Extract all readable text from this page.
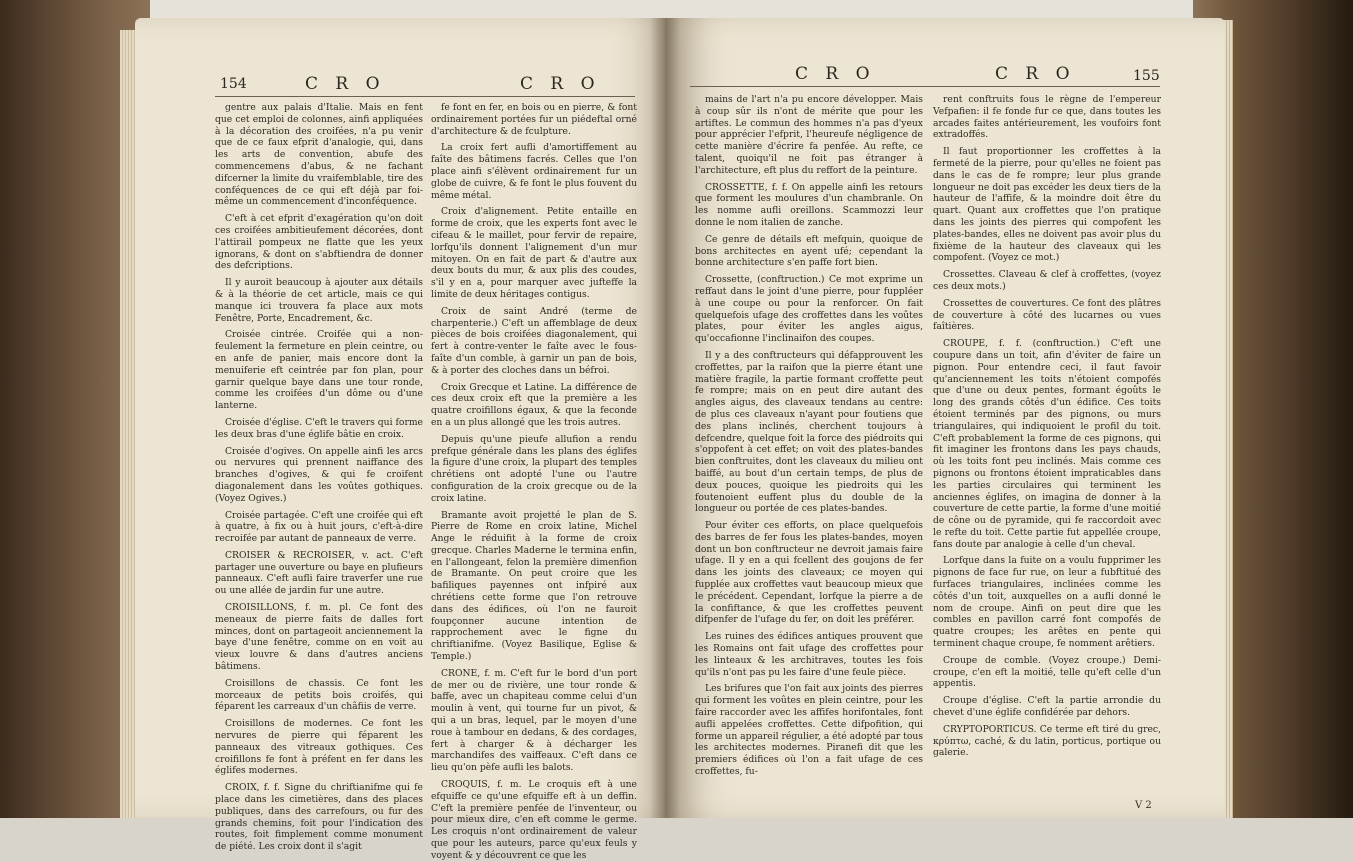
154	C R O	C R O

gentre aux palais d'Italie. Mais en fent que cet emploi de colonnes, ainfi appliquées à la décoration des croifées, n'a pu venir que de ce faux efprit d'analogie, qui, dans les arts de convention, abufe des commencemens d'abus, & ne fachant difcerner la limite du vraifemblable, tire des conféquences de ce qui eft déjà par foi-même un commencement d'inconféquence.

C'eft à cet efprit d'exagération qu'on doit ces croifées ambitieufement décorées, dont l'attirail pompeux ne flatte que les yeux ignorans, & dont on s'abftiendra de donner des defcriptions.

Il y auroit beaucoup à ajouter aux détails & à la théorie de cet article, mais ce qui manque ici trouvera fa place aux mots Fenêtre, Porte, Encadrement, &c.

Croisée cintrée. Croifée qui a non-feulement la fermeture en plein ceintre, ou en anfe de panier, mais encore dont la menuiferie eft ceintrée par fon plan, pour garnir quelque baye dans une tour ronde, comme les croifées d'un dôme ou d'une lanterne.

Croisée d'église. C'eft le travers qui forme les deux bras d'une églife bâtie en croix.

Croisée d'ogives. On appelle ainfi les arcs ou nervures qui prennent naiffance des branches d'ogives, & qui fe croifent diagonalement dans les voûtes gothiques. (Voyez Ogives.)

Croisée partagée. C'eft une croifée qui eft à quatre, à fix ou à huit jours, c'eft-à-dire recroifée par autant de panneaux de verre.

CROISER & RECROISER, v. act. C'eft partager une ouverture ou baye en plufieurs panneaux. C'eft aufli faire traverfer une rue ou une allée de jardin fur une autre.

CROISILLONS, f. m. pl. Ce font des meneaux de pierre faits de dalles fort minces, dont on partageoit anciennement la baye d'une fenêtre, comme on en voit au vieux louvre & dans d'autres anciens bâtimens.

Croisillons de chassis. Ce font les morceaux de petits bois croifés, qui féparent les carreaux d'un châfiis de verre.

Croisillons de modernes. Ce font les nervures de pierre qui féparent les panneaux des vitreaux gothiques. Ces croifillons fe font à préfent en fer dans les églifes modernes.

CROIX, f. f. Signe du chriftianifme qui fe place dans les cimetières, dans des places publiques, dans des carrefours, ou fur des grands chemins, foit pour l'indication des routes, foit fimplement comme monument de piété. Les croix dont il s'agit

fe font en fer, en bois ou en pierre, & font ordinairement portées fur un piédeftal orné d'architecture & de fculpture.

La croix fert aufli d'amortiffement au faîte des bâtimens facrés. Celles que l'on place ainfi s'élèvent ordinairement fur un globe de cuivre, & fe font le plus fouvent du même métal.

Croix d'alignement. Petite entaille en forme de croix, que les experts font avec le cifeau & le maillet, pour fervir de repaire, lorfqu'ils donnent l'alignement d'un mur mitoyen. On en fait de part & d'autre aux deux bouts du mur, & aux plis des coudes, s'il y en a, pour marquer avec jufteffe la limite de deux héritages contigus.

Croix de saint André (terme de charpenterie.) C'eft un affemblage de deux pièces de bois croifées diagonalement, qui fert à contre-venter le faîte avec le fous-faîte d'un comble, à garnir un pan de bois, & à porter des cloches dans un béfroi.

Croix Grecque et Latine. La différence de ces deux croix eft que la première a les quatre croifillons égaux, & que la feconde en a un plus allongé que les trois autres.

Depuis qu'une pieufe allufion a rendu prefque générale dans les plans des églifes la figure d'une croix, la plupart des temples chrétiens ont adopté l'une ou l'autre configuration de la croix grecque ou de la croix latine.

Bramante avoit projetté le plan de S. Pierre de Rome en croix latine, Michel Ange le réduifit à la forme de croix grecque. Charles Maderne le termina enfin, en l'allongeant, felon la première dimenfion de Bramante. On peut croire que les bafiliques payennes ont infpiré aux chrétiens cette forme que l'on retrouve dans des édifices, où l'on ne fauroit foupçonner aucune intention de rapprochement avec le figne du chriftianifme. (Voyez Basilique, Eglise & Temple.)

CRONE, f. m. C'eft fur le bord d'un port de mer ou de rivière, une tour ronde & baffe, avec un chapiteau comme celui d'un moulin à vent, qui tourne fur un pivot, & qui a un bras, lequel, par le moyen d'une roue à tambour en dedans, & des cordages, fert à charger & à décharger les marchandifes des vaiffeaux. C'eft dans ce lieu qu'on pèfe aufli les balots.

CROQUIS, f. m. Le croquis eft à une efquiffe ce qu'une efquiffe eft à un deffin. C'eft la première penfée de l'inventeur, ou pour mieux dire, c'en eft comme le germe. Les croquis n'ont ordinairement de valeur que pour les auteurs, parce qu'eux feuls y voyent & y découvrent ce que les

C R O	C R O	155

mains de l'art n'a pu encore développer. Mais à coup sûr ils n'ont de mérite que pour les artiftes. Le commun des hommes n'a pas d'yeux pour apprécier l'efprit, l'heureufe négligence de cette manière d'écrire fa penfée. Au refte, ce talent, quoiqu'il ne foit pas étranger à l'architecture, eft plus du reffort de la peinture.

CROSSETTE, f. f. On appelle ainfi les retours que forment les moulures d'un chambranle. On les nomme aufli oreillons. Scammozzi leur donne le nom italien de zanche.

Ce genre de détails eft mefquin, quoique de bons architectes en ayent ufé; cependant la bonne architecture s'en paffe fort bien.

Crossette, (conftruction.) Ce mot exprime un reffaut dans le joint d'une pierre, pour fuppléer à une coupe ou pour la renforcer. On fait quelquefois ufage des croffettes dans les voûtes plates, pour éviter les angles aigus, qu'occafionne l'inclinaifon des coupes.

Il y a des conftructeurs qui défapprouvent les croffettes, par la raifon que la pierre étant une matière fragile, la partie formant croffette peut fe rompre; mais on en peut dire autant des angles aigus, des claveaux tendans au centre: de plus ces claveaux n'ayant pour foutiens que des plans inclinés, cherchent toujours à defcendre, quelque foit la force des piédroits qui s'oppofent à cet effet; on voit des plates-bandes bien conftruites, dont les claveaux du milieu ont baiffé, au bout d'un certain temps, de plus de deux pouces, quoique les piedroits qui les foutenoient euffent plus du double de la longueur ou portée de ces plates-bandes.

Pour éviter ces efforts, on place quelquefois des barres de fer fous les plates-bandes, moyen dont un bon conftructeur ne devroit jamais faire ufage. Il y en a qui fcellent des goujons de fer dans les joints des claveaux; ce moyen qui fupplée aux croffettes vaut beaucoup mieux que le précédent. Cependant, lorfque la pierre a de la confiftance, & que les croffettes peuvent difpenfer de l'ufage du fer, on doit les préférer.

Les ruines des édifices antiques prouvent que les Romains ont fait ufage des croffettes pour les linteaux & les architraves, toutes les fois qu'ils n'ont pas pu les faire d'une feule pièce.

Les brifures que l'on fait aux joints des pierres qui forment les voûtes en plein ceintre, pour les faire raccorder avec les affifes horifontales, font aufli appelées croffettes. Cette difpofition, qui forme un appareil régulier, a été adopté par tous les architectes modernes. Piranefi dit que les premiers édifices où l'on a fait ufage de ces croffettes, fu-

rent conftruits fous le règne de l'empereur Vefpafien: il fe fonde fur ce que, dans toutes les arcades faites antérieurement, les voufoirs font extradoffés.

Il faut proportionner les croffettes à la fermeté de la pierre, pour qu'elles ne foient pas dans le cas de fe rompre; leur plus grande longueur ne doit pas excéder les deux tiers de la hauteur de l'affife, & la moindre doit être du quart. Quant aux croffettes que l'on pratique dans les joints des pierres qui compofent les plates-bandes, elles ne doivent pas avoir plus du fixième de la hauteur des claveaux qui les compofent. (Voyez ce mot.)

Crossettes. Claveau & clef à croffettes, (voyez ces deux mots.)

Crossettes de couvertures. Ce font des plâtres de couverture à côté des lucarnes ou vues faîtières.

CROUPE, f. f. (conftruction.) C'eft une coupure dans un toit, afin d'éviter de faire un pignon. Pour entendre ceci, il faut favoir qu'anciennement les toits n'étoient compofés que d'une ou deux pentes, formant égoûts le long des grands côtés d'un édifice. Ces toits étoient terminés par des pignons, ou murs triangulaires, qui indiquoient le profil du toit. C'eft probablement la forme de ces pignons, qui fit imaginer les frontons dans les pays chauds, où les toits font peu inclinés. Mais comme ces pignons ou frontons étoient impraticables dans les parties circulaires qui terminent les anciennes églifes, on imagina de donner à la couverture de cette partie, la forme d'une moitié de cône ou de pyramide, qui fe raccordoit avec le refte du toit. Cette partie fut appellée croupe, fans doute par analogie à celle d'un cheval.

Lorfque dans la fuite on a voulu fupprimer les pignons de face fur rue, on leur a fubftitué des furfaces triangulaires, inclinées comme les côtés d'un toit, auxquelles on a aufli donné le nom de croupe. Ainfi on peut dire que les combles en pavillon carré font compofés de quatre croupes; les arêtes en pente qui terminent chaque croupe, fe nomment arêtiers.

Croupe de comble. (Voyez croupe.) Demi-croupe, c'en eft la moitié, telle qu'eft celle d'un appentis.

Croupe d'église. C'eft la partie arrondie du chevet d'une églife confidérée par dehors.

CRYPTOPORTICUS. Ce terme eft tiré du grec, κρύπτω, caché, & du latin, porticus, portique ou galerie.

V 2
